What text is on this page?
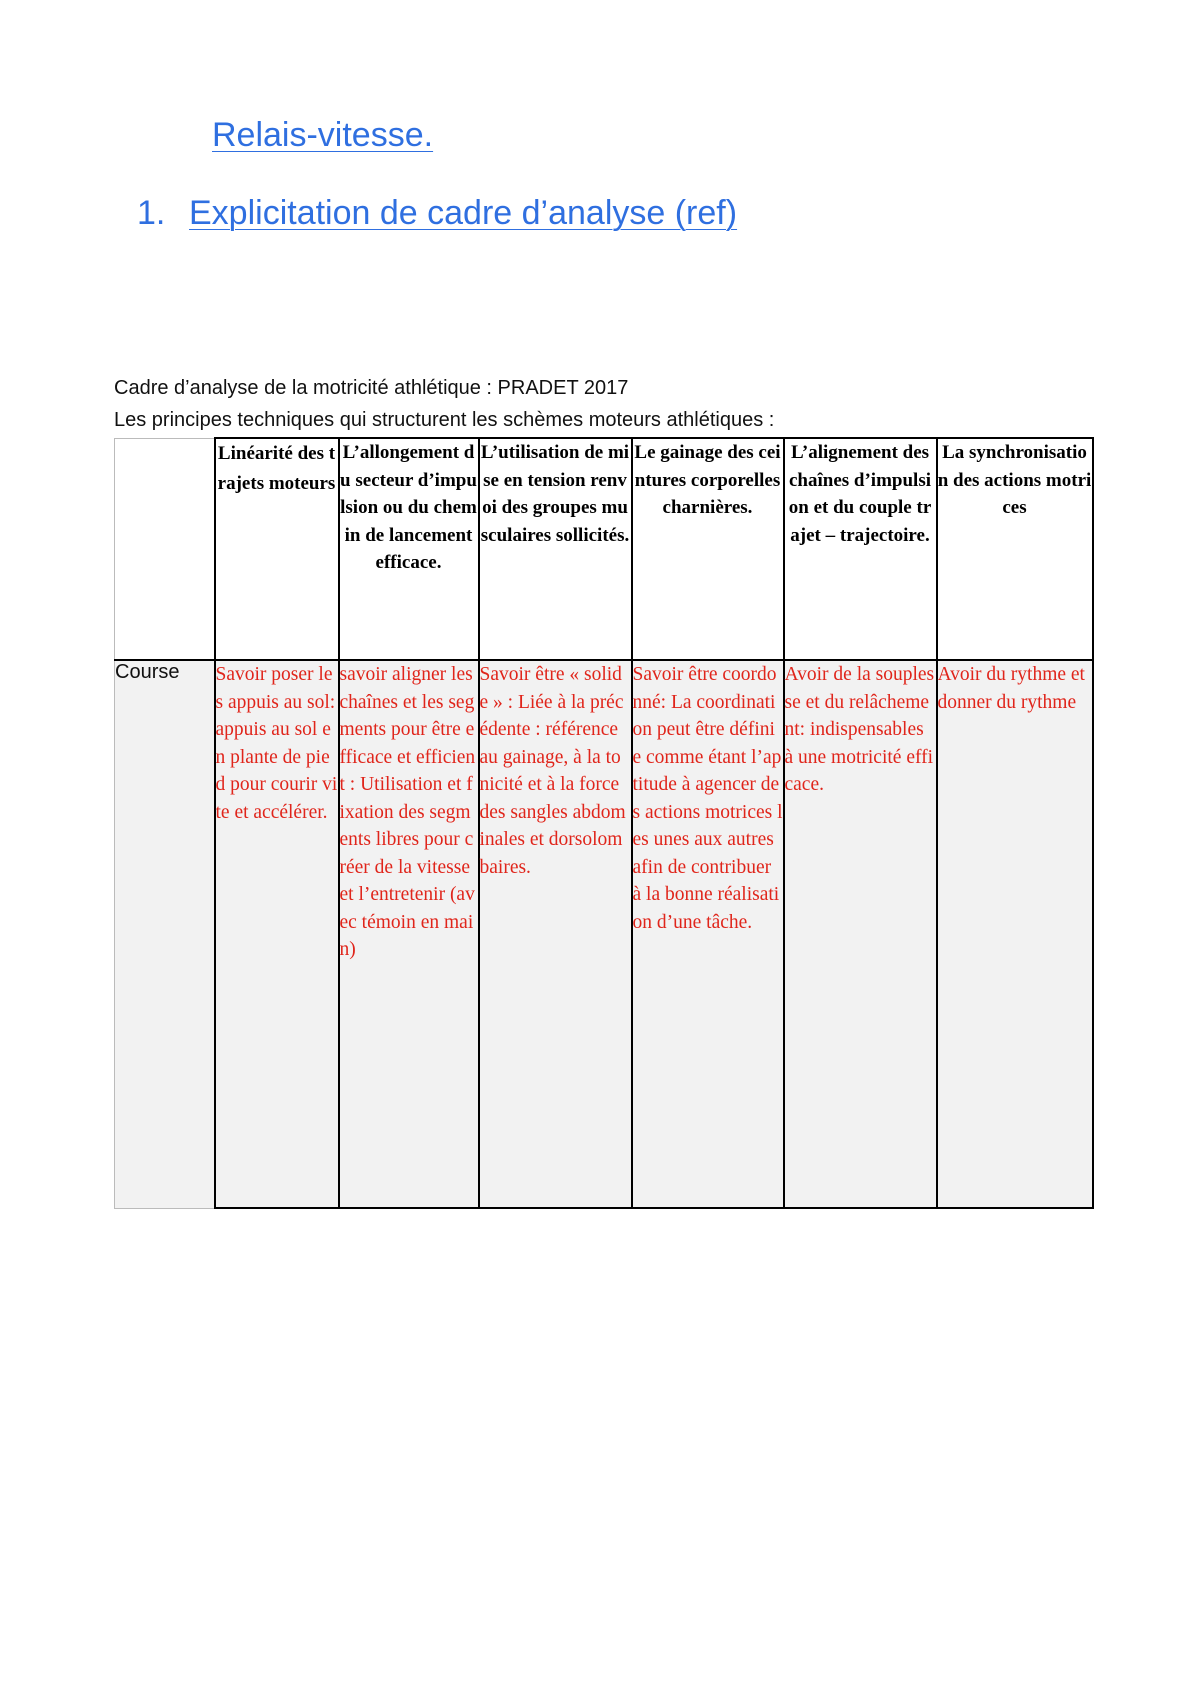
Relais-vitesse.
1. Explicitation de cadre d’analyse (ref)
Cadre d’analyse de la motricité athlétique : PRADET 2017
Les principes techniques qui structurent les schèmes moteurs athlétiques :
	Linéarité des trajets moteurs	L’allongement du secteur d’impulsion ou du chemin de lancement efficace.	L’utilisation de mise en tension renvoi des groupes musculaires sollicités.	Le gainage des ceintures corporelles charnières.	L’alignement des chaînes d’impulsion et du couple trajet – trajectoire.	La synchronisation des actions motrices
Course	Savoir poser les appuis au sol: appuis au sol en plante de pied pour courir vite et accélérer.	savoir aligner les chaînes et les segments pour être efficace et efficient : Utilisation et fixation des segments libres pour créer de la vitesse et l’entretenir (avec témoin en main)	Savoir être « solide » : Liée à la précédente : référence au gainage, à la tonicité et à la force des sangles abdominales et dorsolombaires.	Savoir être coordonné: La coordination peut être définie comme étant l’aptitude à agencer des actions motrices les unes aux autres afin de contribuer à la bonne réalisation d’une tâche.	Avoir de la souplesse et du relâchement: indispensables à une motricité efficace.	Avoir du rythme et donner du rythme
